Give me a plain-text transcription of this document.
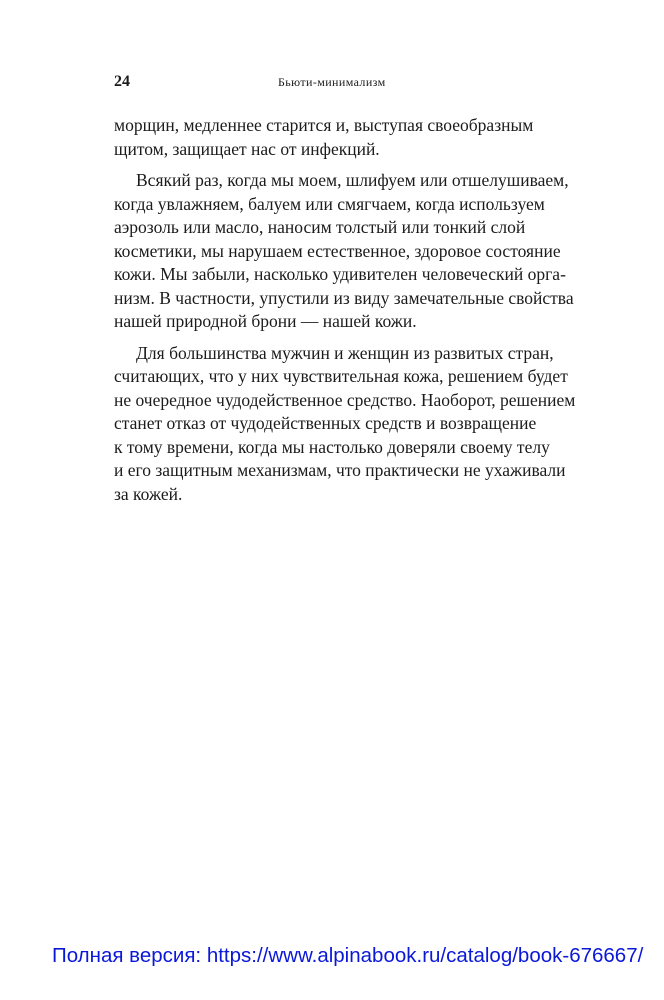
24	Бьюти-минимализм

морщин, медленнее старится и, выступая своеобразным
щитом, защищает нас от инфекций.

Всякий раз, когда мы моем, шлифуем или отшелушиваем,
когда увлажняем, балуем или смягчаем, когда используем
аэрозоль или масло, наносим толстый или тонкий слой
косметики, мы нарушаем естественное, здоровое состояние
кожи. Мы забыли, насколько удивителен человеческий орга-
низм. В частности, упустили из виду замечательные свойства
нашей природной брони — нашей кожи.

Для большинства мужчин и женщин из развитых стран,
считающих, что у них чувствительная кожа, решением будет
не очередное чудодейственное средство. Наоборот, решением
станет отказ от чудодейственных средств и возвращение
к тому времени, когда мы настолько доверяли своему телу
и его защитным механизмам, что практически не ухаживали
за кожей.

Полная версия: https://www.alpinabook.ru/catalog/book-676667/
